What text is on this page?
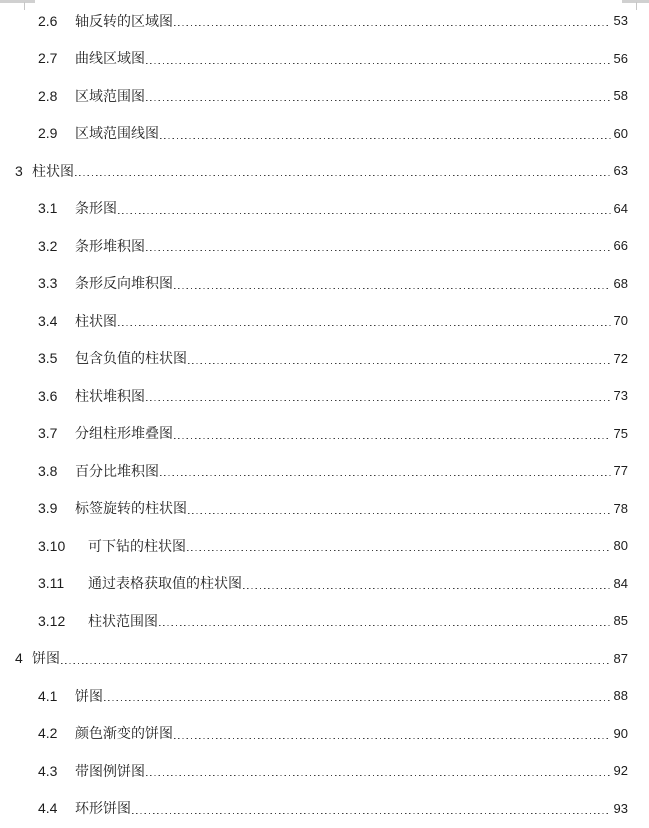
2.6	轴反转的区域图	53
2.7	曲线区域图	56
2.8	区域范围图	58
2.9	区域范围线图	60
3 柱状图	63
3.1	条形图	64
3.2	条形堆积图	66
3.3	条形反向堆积图	68
3.4	柱状图	70
3.5	包含负值的柱状图	72
3.6	柱状堆积图	73
3.7	分组柱形堆叠图	75
3.8	百分比堆积图	77
3.9	标签旋转的柱状图	78
3.10	可下钻的柱状图	80
3.11	通过表格获取值的柱状图	84
3.12	柱状范围图	85
4 饼图	87
4.1	饼图	88
4.2	颜色渐变的饼图	90
4.3	带图例饼图	92
4.4	环形饼图	93
